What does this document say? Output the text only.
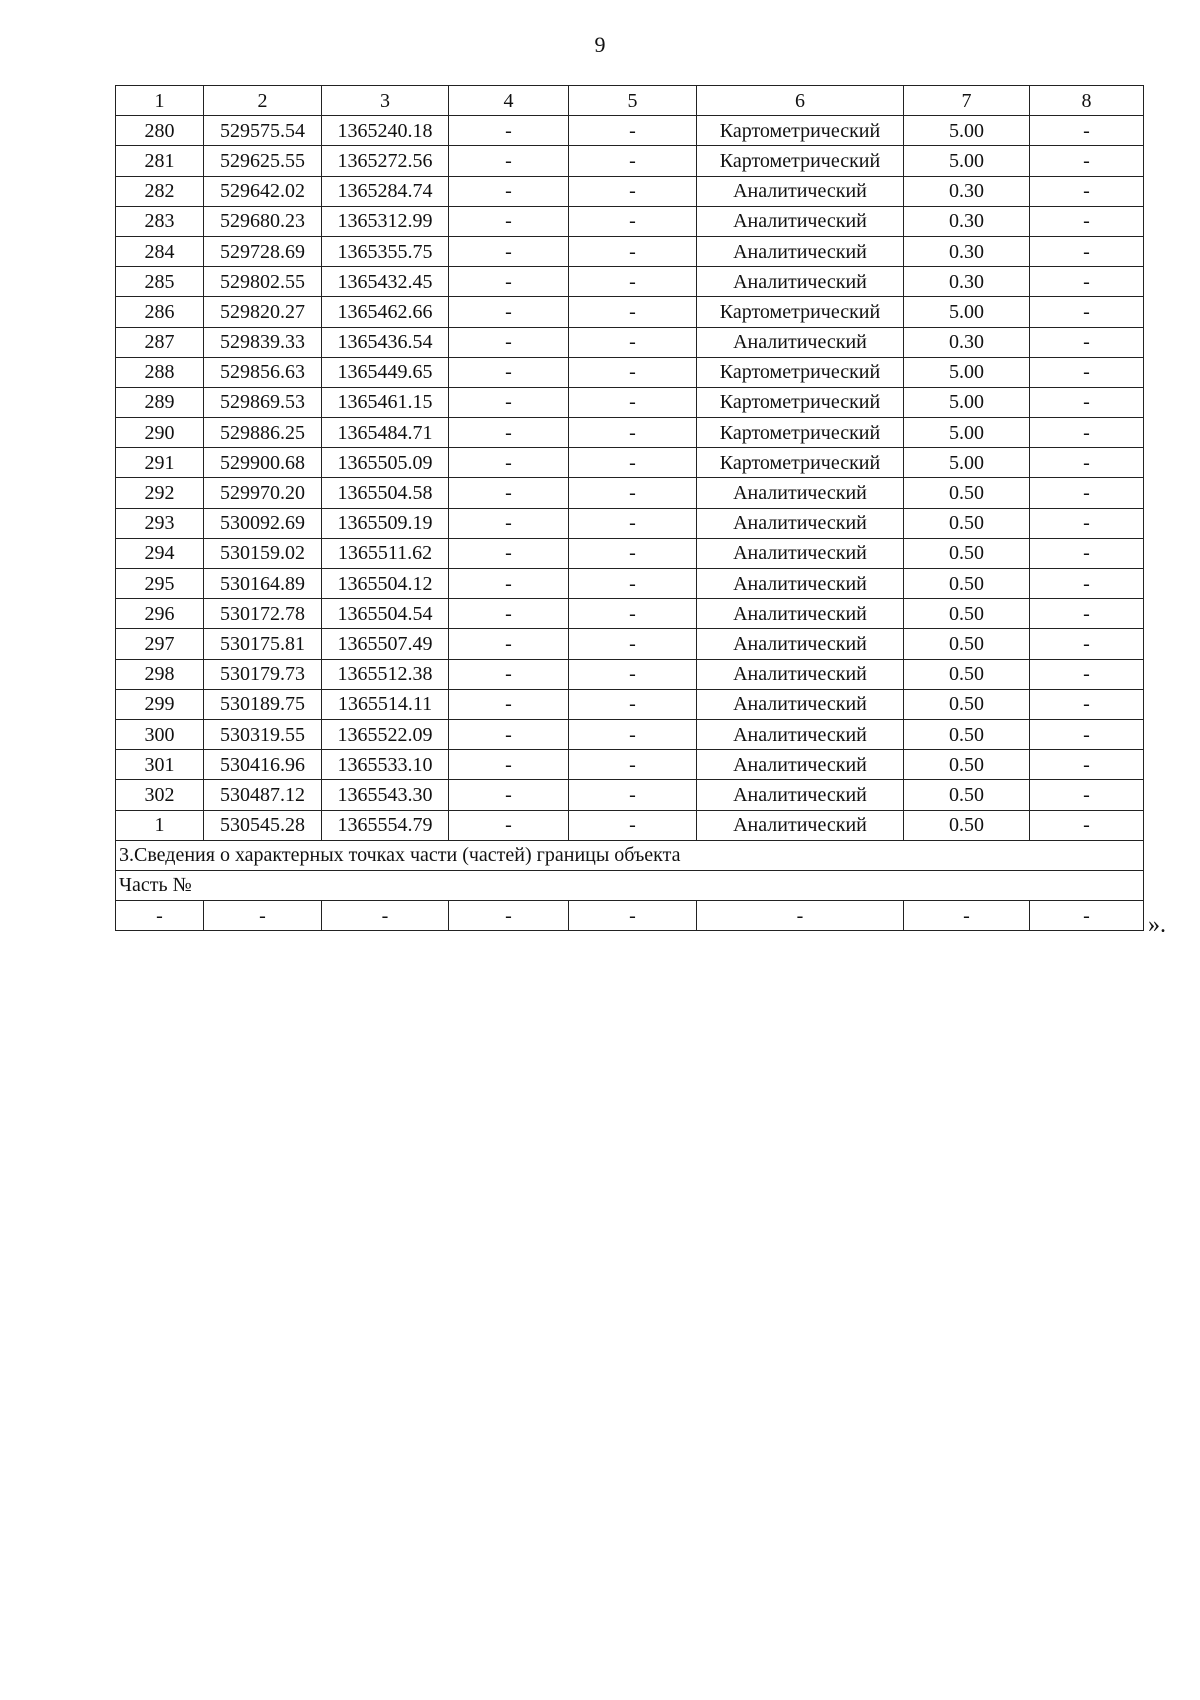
9
1	2	3	4	5	6	7	8
280	529575.54	1365240.18	-	-	Картометрический	5.00	-
281	529625.55	1365272.56	-	-	Картометрический	5.00	-
282	529642.02	1365284.74	-	-	Аналитический	0.30	-
283	529680.23	1365312.99	-	-	Аналитический	0.30	-
284	529728.69	1365355.75	-	-	Аналитический	0.30	-
285	529802.55	1365432.45	-	-	Аналитический	0.30	-
286	529820.27	1365462.66	-	-	Картометрический	5.00	-
287	529839.33	1365436.54	-	-	Аналитический	0.30	-
288	529856.63	1365449.65	-	-	Картометрический	5.00	-
289	529869.53	1365461.15	-	-	Картометрический	5.00	-
290	529886.25	1365484.71	-	-	Картометрический	5.00	-
291	529900.68	1365505.09	-	-	Картометрический	5.00	-
292	529970.20	1365504.58	-	-	Аналитический	0.50	-
293	530092.69	1365509.19	-	-	Аналитический	0.50	-
294	530159.02	1365511.62	-	-	Аналитический	0.50	-
295	530164.89	1365504.12	-	-	Аналитический	0.50	-
296	530172.78	1365504.54	-	-	Аналитический	0.50	-
297	530175.81	1365507.49	-	-	Аналитический	0.50	-
298	530179.73	1365512.38	-	-	Аналитический	0.50	-
299	530189.75	1365514.11	-	-	Аналитический	0.50	-
300	530319.55	1365522.09	-	-	Аналитический	0.50	-
301	530416.96	1365533.10	-	-	Аналитический	0.50	-
302	530487.12	1365543.30	-	-	Аналитический	0.50	-
1	530545.28	1365554.79	-	-	Аналитический	0.50	-
3.Сведения о характерных точках части (частей) границы объекта							
Часть №							
-	-	-	-	-	-	-	- ».
